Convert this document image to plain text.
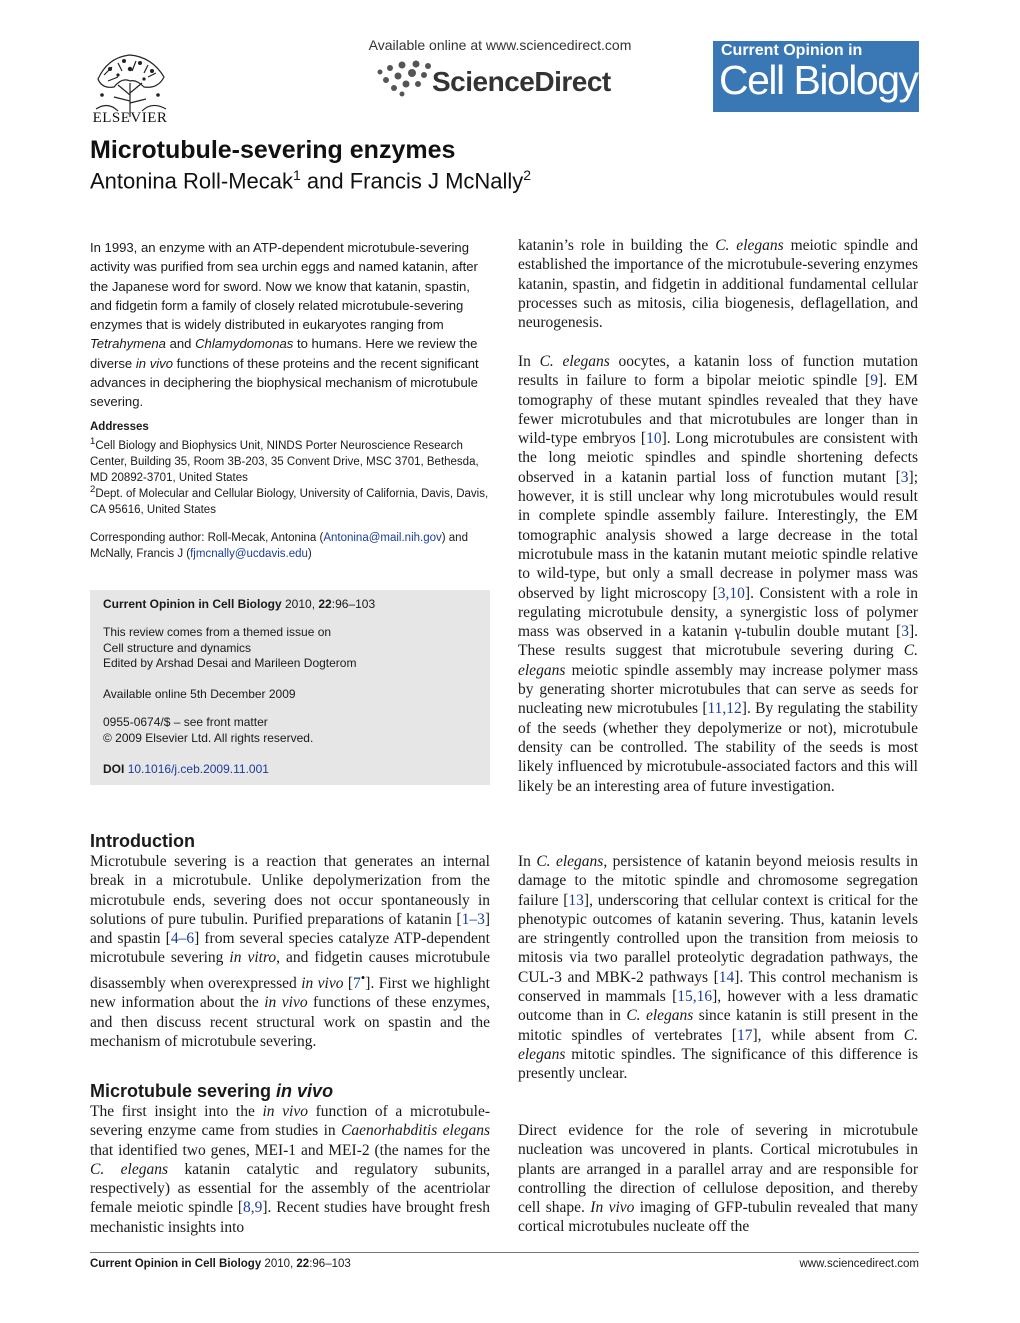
ELSEVIER
Available online at www.sciencedirect.com
ScienceDirect
Current Opinion in
Cell Biology
Microtubule-severing enzymes
Antonina Roll-Mecak$^1$ and Francis J McNally$^2$

In 1993, an enzyme with an ATP-dependent microtubule-severing activity was purified from sea urchin eggs and named katanin, after the Japanese word for sword. Now we know that katanin, spastin, and fidgetin form a family of closely related microtubule-severing enzymes that is widely distributed in eukaryotes ranging from Tetrahymena and Chlamydomonas to humans. Here we review the diverse in vivo functions of these proteins and the recent significant advances in deciphering the biophysical mechanism of microtubule severing.

Addresses

$^1$Cell Biology and Biophysics Unit, NINDS Porter Neuroscience Research Center, Building 35, Room 3B-203, 35 Convent Drive, MSC 3701, Bethesda, MD 20892-3701, United States

$^2$Dept. of Molecular and Cellular Biology, University of California, Davis, Davis, CA 95616, United States

Corresponding author: Roll-Mecak, Antonina (Antonina@mail.nih.gov) and McNally, Francis J (fjmcnally@ucdavis.edu)

Current Opinion in Cell Biology 2010, 22:96–103
This review comes from a themed issue on
Cell structure and dynamics
Edited by Arshad Desai and Marileen Dogterom
Available online 5th December 2009
0955-0674/$ – see front matter
© 2009 Elsevier Ltd. All rights reserved.
DOI 10.1016/j.ceb.2009.11.001
Introduction

Microtubule severing is a reaction that generates an internal break in a microtubule. Unlike depolymerization from the microtubule ends, severing does not occur spontaneously in solutions of pure tubulin. Purified preparations of katanin [1–3] and spastin [4–6] from several species catalyze ATP-dependent microtubule severing in vitro, and fidgetin causes microtubule disassembly when overexpressed in vivo [7•]. First we highlight new information about the in vivo functions of these enzymes, and then discuss recent structural work on spastin and the mechanism of microtubule severing.

Microtubule severing in vivo

The first insight into the in vivo function of a microtubule-severing enzyme came from studies in Caenorhabditis elegans that identified two genes, MEI-1 and MEI-2 (the names for the C. elegans katanin catalytic and regulatory subunits, respectively) as essential for the assembly of the acentriolar female meiotic spindle [8,9]. Recent studies have brought fresh mechanistic insights into

katanin’s role in building the C. elegans meiotic spindle and established the importance of the microtubule-severing enzymes katanin, spastin, and fidgetin in additional fundamental cellular processes such as mitosis, cilia biogenesis, deflagellation, and neurogenesis.

In C. elegans oocytes, a katanin loss of function mutation results in failure to form a bipolar meiotic spindle [9]. EM tomography of these mutant spindles revealed that they have fewer microtubules and that microtubules are longer than in wild-type embryos [10]. Long microtubules are consistent with the long meiotic spindles and spindle shortening defects observed in a katanin partial loss of function mutant [3]; however, it is still unclear why long microtubules would result in complete spindle assembly failure. Interestingly, the EM tomographic analysis showed a large decrease in the total microtubule mass in the katanin mutant meiotic spindle relative to wild-type, but only a small decrease in polymer mass was observed by light microscopy [3,10]. Consistent with a role in regulating microtubule density, a synergistic loss of polymer mass was observed in a katanin γ-tubulin double mutant [3]. These results suggest that microtubule severing during C. elegans meiotic spindle assembly may increase polymer mass by generating shorter microtubules that can serve as seeds for nucleating new microtubules [11,12]. By regulating the stability of the seeds (whether they depolymerize or not), microtubule density can be controlled. The stability of the seeds is most likely influenced by microtubule-associated factors and this will likely be an interesting area of future investigation.

In C. elegans, persistence of katanin beyond meiosis results in damage to the mitotic spindle and chromosome segregation failure [13], underscoring that cellular context is critical for the phenotypic outcomes of katanin severing. Thus, katanin levels are stringently controlled upon the transition from meiosis to mitosis via two parallel proteolytic degradation pathways, the CUL-3 and MBK-2 pathways [14]. This control mechanism is conserved in mammals [15,16], however with a less dramatic outcome than in C. elegans since katanin is still present in the mitotic spindles of vertebrates [17], while absent from C. elegans mitotic spindles. The significance of this difference is presently unclear.

Direct evidence for the role of severing in microtubule nucleation was uncovered in plants. Cortical microtubules in plants are arranged in a parallel array and are responsible for controlling the direction of cellulose deposition, and thereby cell shape. In vivo imaging of GFP-tubulin revealed that many cortical microtubules nucleate off the

Current Opinion in Cell Biology 2010, 22:96–103	www.sciencedirect.com
